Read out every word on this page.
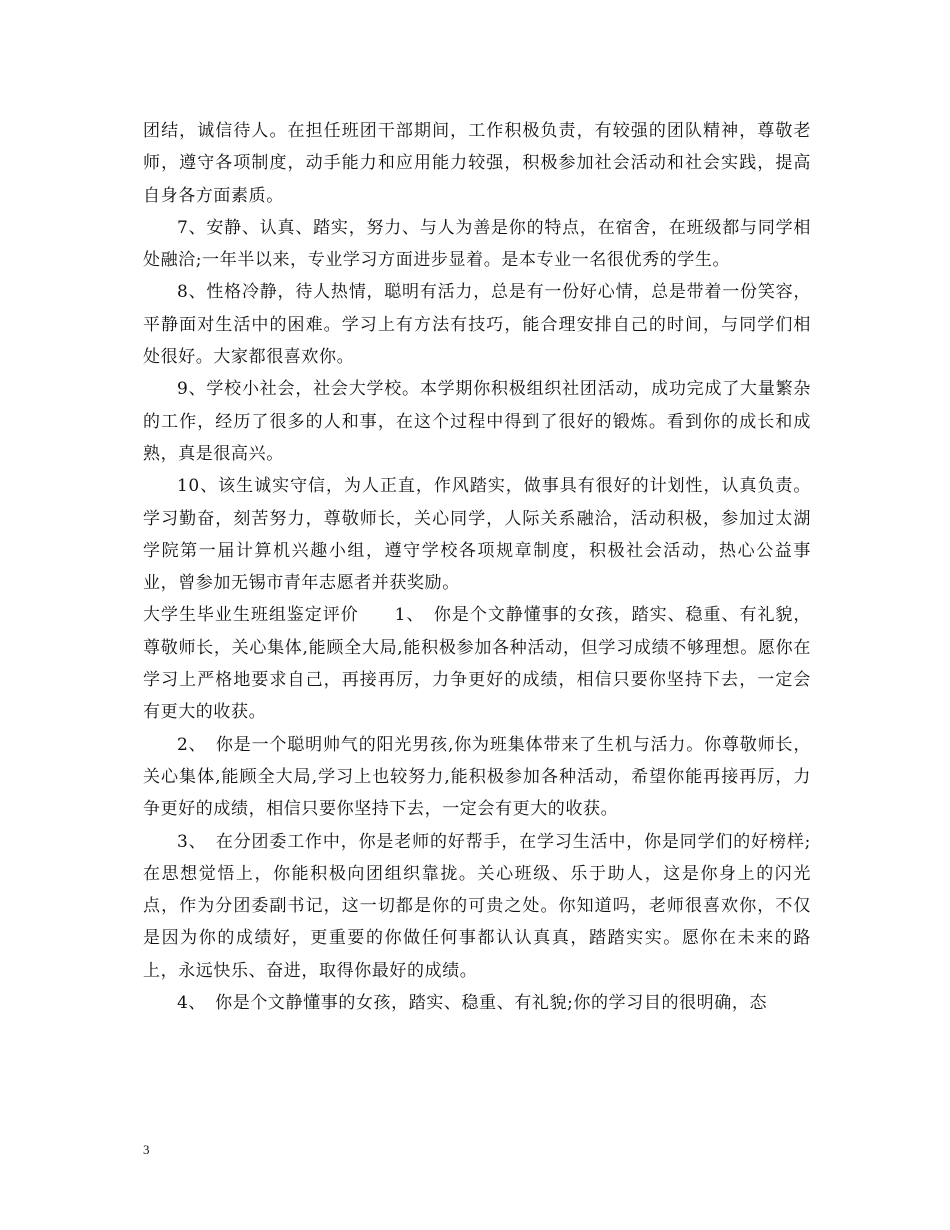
团结，诚信待人。在担任班团干部期间，工作积极负责，有较强的团队精神，尊敬老师，遵守各项制度，动手能力和应用能力较强，积极参加社会活动和社会实践，提高自身各方面素质。

7、安静、认真、踏实，努力、与人为善是你的特点，在宿舍，在班级都与同学相处融洽;一年半以来，专业学习方面进步显着。是本专业一名很优秀的学生。

8、性格冷静，待人热情，聪明有活力，总是有一份好心情，总是带着一份笑容，平静面对生活中的困难。学习上有方法有技巧，能合理安排自己的时间，与同学们相处很好。大家都很喜欢你。

9、学校小社会，社会大学校。本学期你积极组织社团活动，成功完成了大量繁杂的工作，经历了很多的人和事，在这个过程中得到了很好的锻炼。看到你的成长和成熟，真是很高兴。

10、该生诚实守信，为人正直，作风踏实，做事具有很好的计划性，认真负责。学习勤奋，刻苦努力，尊敬师长，关心同学，人际关系融洽，活动积极，参加过太湖学院第一届计算机兴趣小组，遵守学校各项规章制度，积极社会活动，热心公益事业，曾参加无锡市青年志愿者并获奖励。

大学生毕业生班组鉴定评价　　1、　你是个文静懂事的女孩，踏实、稳重、有礼貌，尊敬师长，关心集体,能顾全大局,能积极参加各种活动，但学习成绩不够理想。愿你在学习上严格地要求自己，再接再厉，力争更好的成绩，相信只要你坚持下去，一定会有更大的收获。

2、　你是一个聪明帅气的阳光男孩,你为班集体带来了生机与活力。你尊敬师长，关心集体,能顾全大局,学习上也较努力,能积极参加各种活动，希望你能再接再厉，力争更好的成绩，相信只要你坚持下去，一定会有更大的收获。

3、　在分团委工作中，你是老师的好帮手，在学习生活中，你是同学们的好榜样;在思想觉悟上，你能积极向团组织靠拢。关心班级、乐于助人，这是你身上的闪光点，作为分团委副书记，这一切都是你的可贵之处。你知道吗，老师很喜欢你，不仅是因为你的成绩好，更重要的你做任何事都认认真真，踏踏实实。愿你在未来的路上，永远快乐、奋进，取得你最好的成绩。

4、　你是个文静懂事的女孩，踏实、稳重、有礼貌;你的学习目的很明确，态

3
